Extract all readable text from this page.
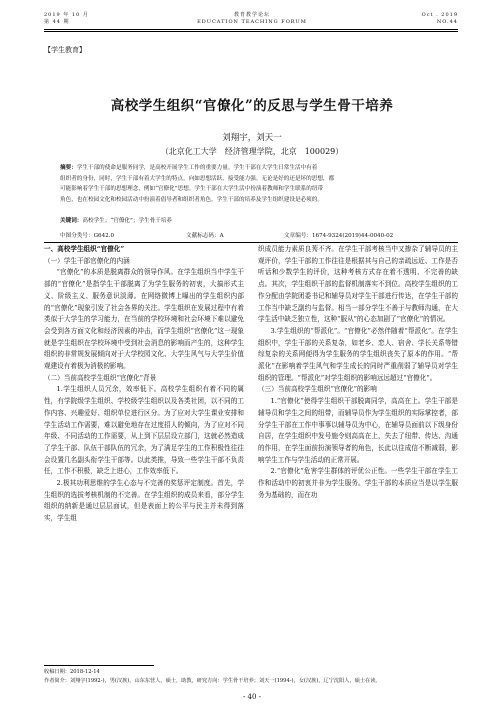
2019 年 10 月
第 44 期
教育教学论坛
EDUCATION TEACHING FORUM
Oct . 2019
NO.44
【学生教育】
高校学生组织“官僚化”的反思与学生骨干培养
刘翔宇，刘天一
（北京化工大学　经济管理学院，北京　100029）
摘要：学生干部的使命是服务同学，是高校开展学生工作的重要力量。学生干部在大学生日常生活中有着
组织者的身份，同时，学生干部有着大学生的特点，向如思想活跃、接受能力强。无论是好的还是坏的思想，都
可能影响着学生干部的思想理念，例如“官僚化”思想。学生干部在大学生活中扮演着教师和学生联系的纽带
角色，也在校园文化和校园活动中扮演着倡导者和组织者角色。学生干部的培养及学生组织建设是必须的。
关键词：高校学生；“官僚化”；学生骨干培养
中图分类号：G642.0	文献标志码：A	文章编号：1674-9324(2019)44-0040-02

一、高校学生组织“官僚化”

（一）学生干部官僚化的内涵

“官僚化”的本质是脱离群众的领导作风。在学生组织当中学生干部的“官僚化”是指学生干部脱离了为学生服务的初衷，大搞形式主义、阶级主义、服务意识淡薄。在网络微博上曝出的学生组织内部的“官僚化”现象引发了社会各界的关注。学生组织在发展过程中有着类似于大学生的学习能力，在当前的学校环境和社会环境下难以避免会受到各方面文化和经济因素的冲击，而学生组织“官僚化”这一现象就是学生组织在学校环境中受到社会消息的影响而产生的，这种学生组织的非常规发展倾向对于大学校园文化、大学生风气与大学生价值观建设有着极为消极的影响。

（二）当前高校学生组织“官僚化”背景

1.学生组织人员冗余，效率低下。高校学生组织有着不同的属性，有学院级学生组织、学校级学生组织以及各类社团，以不同的工作内容、兴趣爱好、组织单位进行区分。为了应对大学生课业安排和学生活动工作需要，难以避免地存在过度招人的倾向，为了应对不同年级、不同活动的工作需要，从上到下层层设立部门，这就必然造成了学生干部、队伍干部队伍的冗余，为了满足学生的工作积极性往往会设置几名副头衔学生干部等。以此类推，导致一些学生干部不负责任，工作不积极，缺乏上进心，工作效率低下。

2.极其功利思维的学生心态与不完善的奖惩评定制度。首先，学生组织的选拔考核机制的不完善。在学生组织的成员来看，部分学生组织的纳新是通过层层面试，但是表面上的公平与民主并未得到落实，学生组

织成员能力素质良莠不齐。在学生干部考核当中又掺杂了辅导员的主观评价，学生干部的工作往往是根据其与自己的亲疏远近、工作是否听话和少数学生的评价，这种考核方式存在着不透明、不完善的缺点。其次，学生组织干部的监督机制落实不到位。高校学生组织的工作分配由学院团委书记和辅导员对学生干部进行传达，在学生干部的工作当中缺乏副约与监督。相当一部分学生不善于与教师沟通，在大学生活中缺乏独立性，这种“服从”的心态加剧了“官僚化”的情况。

3.学生组织的“帮派化”。“官僚化”必然伴随着“帮派化”。在学生组织中，学生干部的关系复杂，如老乡、恋人、宿舍、学长关系等错综复杂的关系网便得为学生服务的学生组织丧失了原本的作用。“帮派化”在影响着学生风气和学生成长的同时严重削弱了辅导员对学生组织的管理。“帮派化”对学生组织的影响远远超过“官僚化”。

（三）当前高校学生组织“官僚化”的影响

1.“官僚化”使得学生组织干部脱离同学，高高在上。学生干部是辅导员和学生之间的纽带，而辅导员作为学生组织的实际掌控者，部分学生干部在工作中事事以辅导员为中心，在辅导员面前以下级身份自居，在学生组织中发号施令则高高在上，失去了纽带、传达、沟通的作用，在学生面前扮演领导者的角色，长此以往成信不断减弱，影响学生工作与学生活动的正常开展。

2.“官僚化”危害学生群体的评优公正性。一些学生干部在学生工作和活动中的初衷并非为学生服务。学生干部的本质应当是以学生服务为基础的，而在功

收稿日期：2018-12-14
作者简介：刘翔宇(1992-)，男(汉族)，山东东营人，硕士，助教，研究方向：学生骨干培养；刘天一(1994-)，女(汉族)，辽宁沈阳人，硕士在读。
- 40 -
